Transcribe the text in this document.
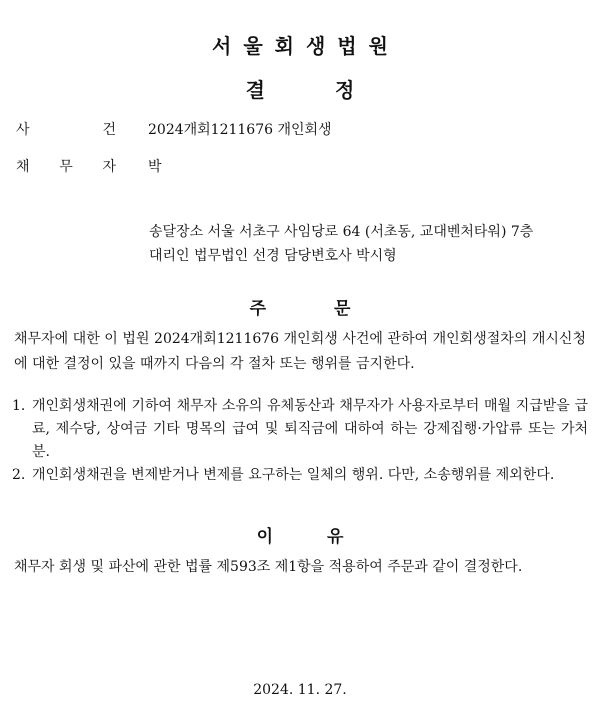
서울회생법원
결정
사	건 2024개회1211676 개인회생
채 무 자 박
송달장소 서울 서초구 사임당로 64 (서초동, 교대벤처타워) 7층
대리인 법무법인 선경 담당변호사 박시형
주문
채무자에 대한 이 법원 2024개회1211676 개인회생 사건에 관하여 개인회생절차의 개시신청에 대한 결정이 있을 때까지 다음의 각 절차 또는 행위를 금지한다.
1. 개인회생채권에 기하여 채무자 소유의 유체동산과 채무자가 사용자로부터 매월 지급받을 급료, 제수당, 상여금 기타 명목의 급여 및 퇴직금에 대하여 하는 강제집행·가압류 또는 가처분.
2. 개인회생채권을 변제받거나 변제를 요구하는 일체의 행위. 다만, 소송행위를 제외한다.
이유
채무자 회생 및 파산에 관한 법률 제593조 제1항을 적용하여 주문과 같이 결정한다.
2024. 11. 27.
